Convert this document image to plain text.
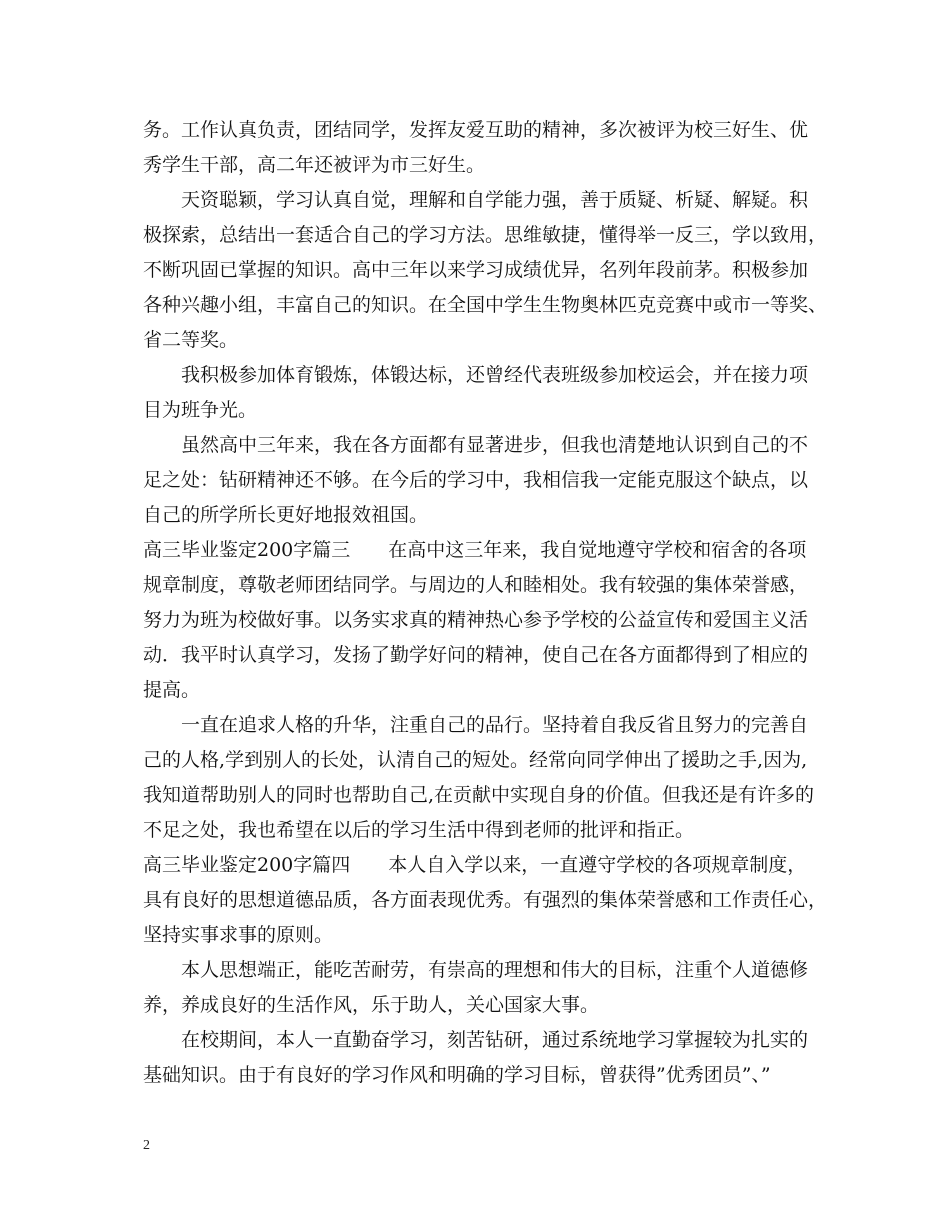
务。工作认真负责，团结同学，发挥友爱互助的精神，多次被评为校三好生、优
秀学生干部，高二年还被评为市三好生。
天资聪颖，学习认真自觉，理解和自学能力强，善于质疑、析疑、解疑。积
极探索，总结出一套适合自己的学习方法。思维敏捷，懂得举一反三，学以致用，
不断巩固已掌握的知识。高中三年以来学习成绩优异，名列年段前茅。积极参加
各种兴趣小组，丰富自己的知识。在全国中学生生物奥林匹克竞赛中或市一等奖、
省二等奖。
我积极参加体育锻炼，体锻达标，还曾经代表班级参加校运会，并在接力项
目为班争光。
虽然高中三年来，我在各方面都有显著进步，但我也清楚地认识到自己的不
足之处：钻研精神还不够。在今后的学习中，我相信我一定能克服这个缺点，以
自己的所学所长更好地报效祖国。
高三毕业鉴定200字篇三　　在高中这三年来，我自觉地遵守学校和宿舍的各项
规章制度，尊敬老师团结同学。与周边的人和睦相处。我有较强的集体荣誉感，
努力为班为校做好事。以务实求真的精神热心参予学校的公益宣传和爱国主义活
动．我平时认真学习，发扬了勤学好问的精神，使自己在各方面都得到了相应的
提高。
一直在追求人格的升华，注重自己的品行。坚持着自我反省且努力的完善自
己的人格,学到别人的长处，认清自己的短处。经常向同学伸出了援助之手,因为,
我知道帮助别人的同时也帮助自己,在贡献中实现自身的价值。但我还是有许多的
不足之处，我也希望在以后的学习生活中得到老师的批评和指正。
高三毕业鉴定200字篇四　　本人自入学以来，一直遵守学校的各项规章制度，
具有良好的思想道德品质，各方面表现优秀。有强烈的集体荣誉感和工作责任心，
坚持实事求事的原则。
本人思想端正，能吃苦耐劳，有崇高的理想和伟大的目标，注重个人道德修
养，养成良好的生活作风，乐于助人，关心国家大事。
在校期间，本人一直勤奋学习，刻苦钻研，通过系统地学习掌握较为扎实的
基础知识。由于有良好的学习作风和明确的学习目标，曾获得”优秀团员”、”
2
